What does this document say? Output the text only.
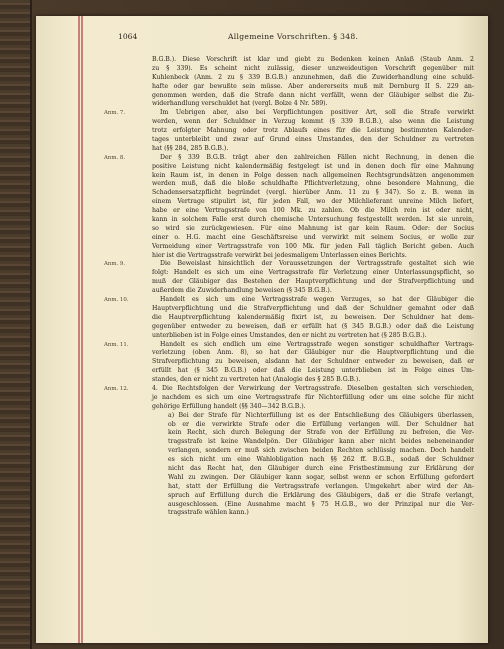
1064	Allgemeine Vorschriften. § 348.
B.G.B.). Diese Vorschrift ist klar und giebt zu Bedenken keinen Anlaß (Staub Anm. 2
zu § 339). Es scheint nicht zulässig, dieser unzweideutigen Vorschrift gegenüber mit
Kuhlenbeck (Anm. 2 zu § 339 B.G.B.) anzunehmen, daß die Zuwiderhandlung eine schuld-
hafte oder gar bewußte sein müsse. Aber andererseits muß mit Dernburg II S. 229 an-
genommen werden, daß die Strafe dann nicht verfällt, wenn der Gläubiger selbst die Zu-
widerhandlung verschuldet hat (vergl. Bolze 4 Nr. 589).
Anm. 7.	Im Uebrigen aber, also bei Verpflichtungen positiver Art, soll die Strafe verwirkt
werden, wenn der Schuldner in Verzug kommt (§ 339 B.G.B.), also wenn die Leistung
trotz erfolgter Mahnung oder trotz Ablaufs eines für die Leistung bestimmten Kalender-
tages unterbleibt und zwar auf Grund eines Umstandes, den der Schuldner zu vertreten
hat (§§ 284, 285 B.G.B.).
Anm. 8.	Der § 339 B.G.B. trägt aber den zahlreichen Fällen nicht Rechnung, in denen die
positive Leistung nicht kalendermäßig festgelegt ist und in denen doch für eine Mahnung
kein Raum ist, in denen in Folge dessen nach allgemeinen Rechtsgrundsätzen angenommen
werden muß, daß die bloße schuldhafte Pflichtverletzung, ohne besondere Mahnung, die
Schadensersatzpflicht begründet (vergl. hierüber Anm. 11 zu § 347). So z. B. wenn in
einem Vertrage stipulirt ist, für jeden Fall, wo der Milchlieferant unreine Milch liefert,
habe er eine Vertragsstrafe von 100 Mk. zu zahlen. Ob die Milch rein ist oder nicht,
kann in solchem Falle erst durch chemische Untersuchung festgestellt werden. Ist sie unrein,
so wird sie zurückgewiesen. Für eine Mahnung ist gar kein Raum. Oder: der Socius
einer o. H.G. macht eine Geschäftsreise und verwirkt mit seinem Socius, er wolle zur
Vermeidung einer Vertragsstrafe von 100 Mk. für jeden Fall täglich Bericht geben. Auch
hier ist die Vertragsstrafe verwirkt bei jedesmaligem Unterlassen eines Berichts.
Anm. 9.	Die Beweislast hinsichtlich der Voraussetzungen der Vertragsstrafe gestaltet sich wie
folgt: Handelt es sich um eine Vertragsstrafe für Verletzung einer Unterlassungspflicht, so
muß der Gläubiger das Bestehen der Hauptverpflichtung und der Strafverpflichtung und
außerdem die Zuwiderhandlung beweisen (§ 345 B.G.B.).
Anm. 10.	Handelt es sich um eine Vertragsstrafe wegen Verzuges, so hat der Gläubiger die
Hauptverpflichtung und die Strafverpflichtung und daß der Schuldner gemahnt oder daß
die Hauptverpflichtung kalendermäßig fixirt ist, zu beweisen. Der Schuldner hat dem-
gegenüber entweder zu beweisen, daß er erfüllt hat (§ 345 B.G.B.) oder daß die Leistung
unterblieben ist in Folge eines Umstandes, den er nicht zu vertreten hat (§ 285 B.G.B.).
Anm. 11.	Handelt es sich endlich um eine Vertragsstrafe wegen sonstiger schuldhafter Vertrags-
verletzung (oben Anm. 8), so hat der Gläubiger nur die Hauptverpflichtung und die
Strafverpflichtung zu beweisen, alsdann hat der Schuldner entweder zu beweisen, daß er
erfüllt hat (§ 345 B.G.B.) oder daß die Leistung unterblieben ist in Folge eines Um-
standes, den er nicht zu vertreten hat (Analogie des § 285 B.G.B.).
Anm. 12.	4. Die Rechtsfolgen der Verwirkung der Vertragsstrafe. Dieselben gestalten sich verschieden,
je nachdem es sich um eine Vertragsstrafe für Nichterfüllung oder um eine solche für nicht
gehörige Erfüllung handelt (§§ 340—342 B.G.B.).
a) Bei der Strafe für Nichterfüllung ist es der Entschließung des Gläubigers überlassen,
ob er die verwirkte Strafe oder die Erfüllung verlangen will. Der Schuldner hat
kein Recht, sich durch Belegung der Strafe von der Erfüllung zu befreien, die Ver-
tragsstrafe ist keine Wandelpön. Der Gläubiger kann aber nicht beides nebeneinander
verlangen, sondern er muß sich zwischen beiden Rechten schlüssig machen. Doch handelt
es sich nicht um eine Wahlobligation nach §§ 262 ff. B.G.B., sodaß der Schuldner
nicht das Recht hat, den Gläubiger durch eine Fristbestimmung zur Erklärung der
Wahl zu zwingen. Der Gläubiger kann sogar, selbst wenn er schon Erfüllung gefordert
hat, statt der Erfüllung die Vertragsstrafe verlangen. Umgekehrt aber wird der An-
spruch auf Erfüllung durch die Erklärung des Gläubigers, daß er die Strafe verlangt,
ausgeschlossen. (Eine Ausnahme macht § 75 H.G.B., wo der Prinzipal nur die Ver-
tragsstrafe wählen kann.)
